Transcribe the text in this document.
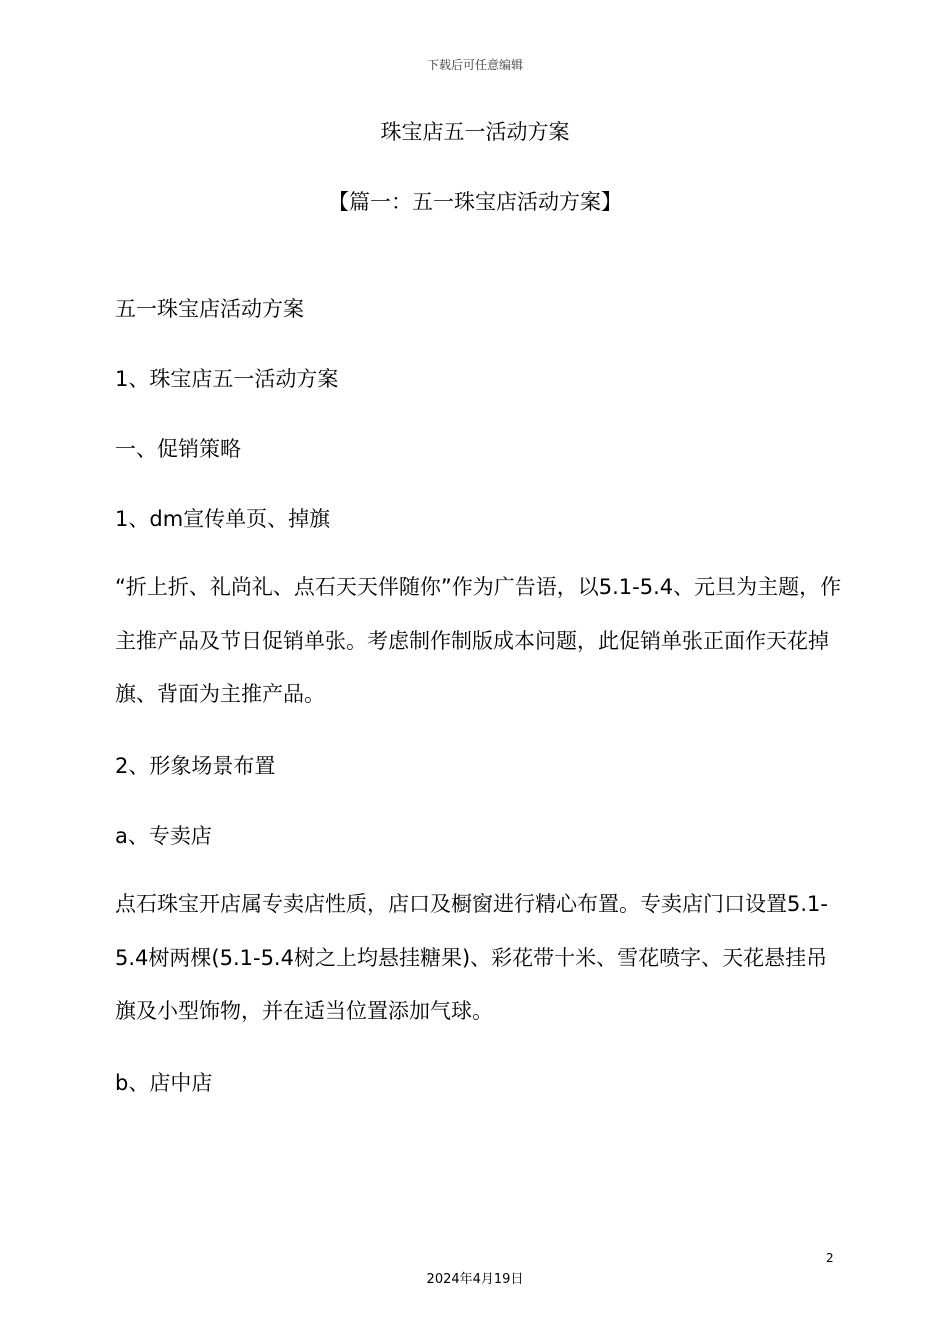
下载后可任意编辑
珠宝店五一活动方案
【篇一：五一珠宝店活动方案】
五一珠宝店活动方案
1、珠宝店五一活动方案
一、促销策略
1、dm宣传单页、掉旗
“折上折、礼尚礼、点石天天伴随你”作为广告语，以5.1-5.4、元旦为主题，作主推产品及节日促销单张。考虑制作制版成本问题，此促销单张正面作天花掉旗、背面为主推产品。
2、形象场景布置
a、专卖店
点石珠宝开店属专卖店性质，店口及橱窗进行精心布置。专卖店门口设置5.1-5.4树两棵(5.1-5.4树之上均悬挂糖果)、彩花带十米、雪花喷字、天花悬挂吊旗及小型饰物，并在适当位置添加气球。
b、店中店
2
2024年4月19日
